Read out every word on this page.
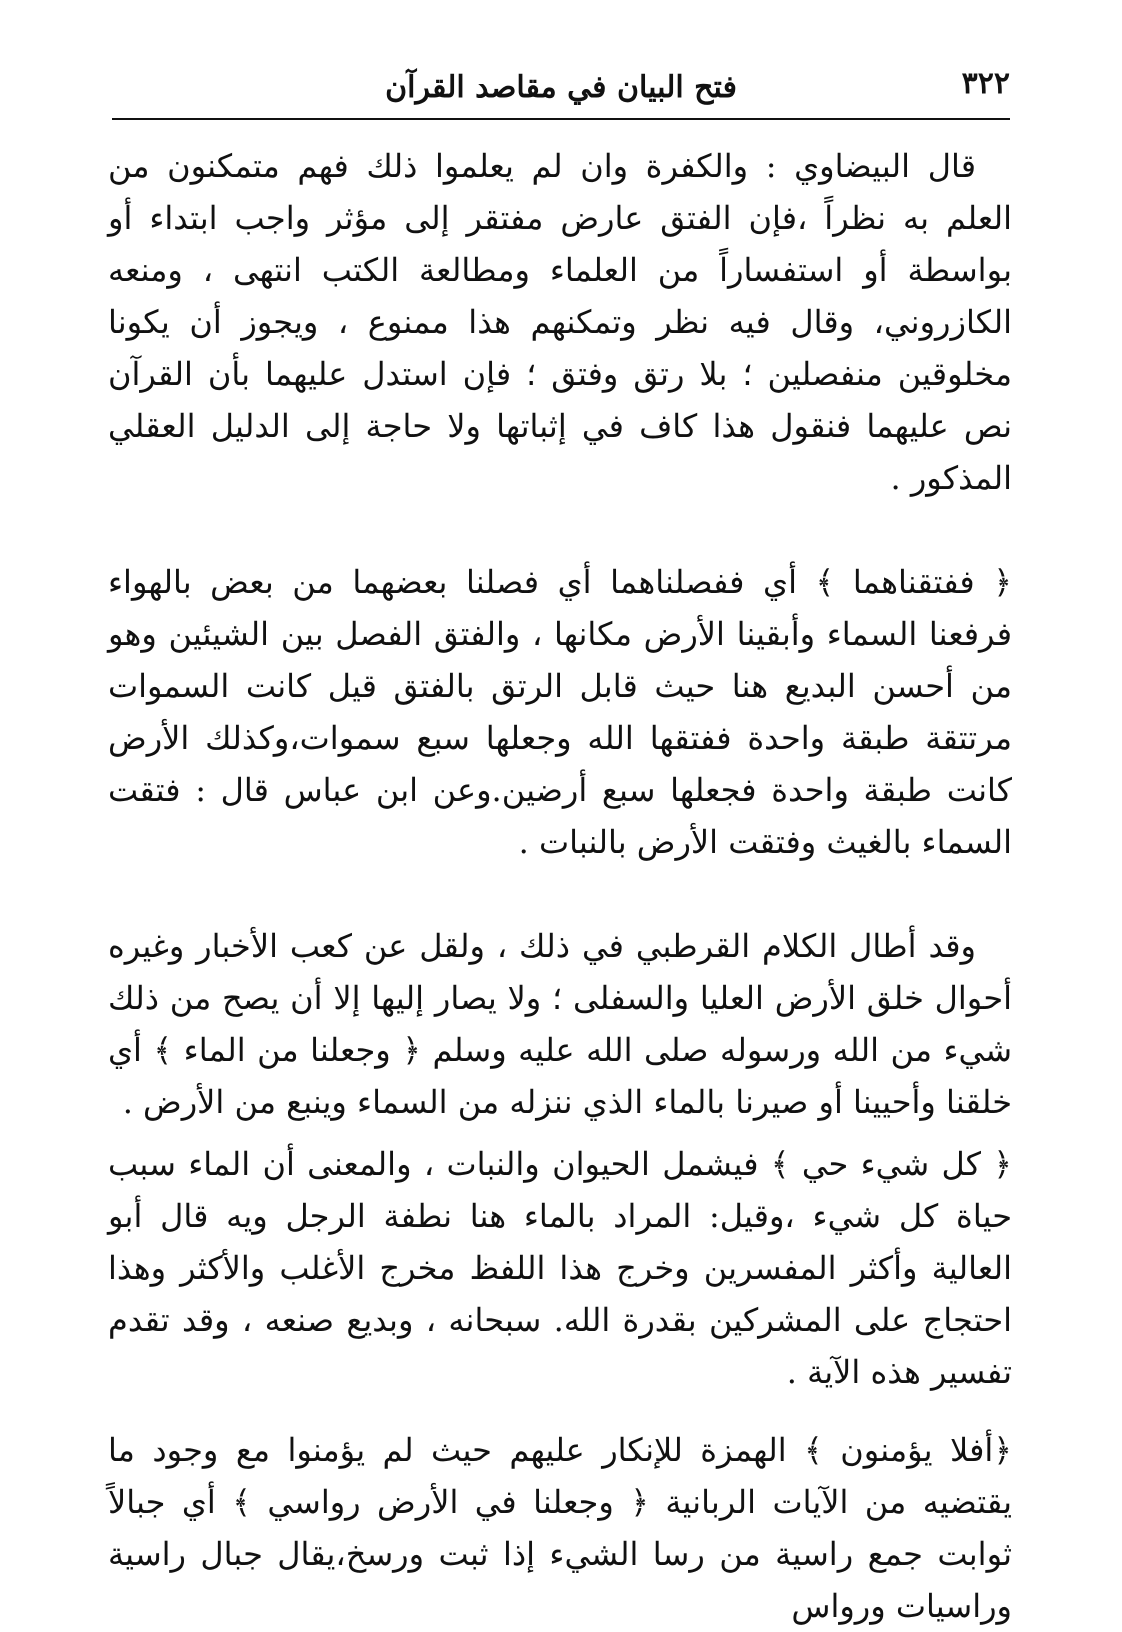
٣٢٢
فتح البيان في مقاصد القرآن

قال البيضاوي : والكفرة وان لم يعلموا ذلك فهم متمكنون من العلم به نظراً ،فإن الفتق عارض مفتقر إلى مؤثر واجب ابتداء أو بواسطة أو استفساراً من العلماء ومطالعة الكتب انتهى ، ومنعه الكازروني، وقال فيه نظر وتمكنهم هذا ممنوع ، ويجوز أن يكونا مخلوقين منفصلين ؛ بلا رتق وفتق ؛ فإن استدل عليهما بأن القرآن نص عليهما فنقول هذا كاف في إثباتها ولا حاجة إلى الدليل العقلي المذكور .

﴿ ففتقناهما ﴾ أي ففصلناهما أي فصلنا بعضهما من بعض بالهواء فرفعنا السماء وأبقينا الأرض مكانها ، والفتق الفصل بين الشيئين وهو من أحسن البديع هنا حيث قابل الرتق بالفتق قيل كانت السموات مرتتقة طبقة واحدة ففتقها الله وجعلها سبع سموات،وكذلك الأرض كانت طبقة واحدة فجعلها سبع أرضين.وعن ابن عباس قال : فتقت السماء بالغيث وفتقت الأرض بالنبات .

وقد أطال الكلام القرطبي في ذلك ، ولقل عن كعب الأخبار وغيره أحوال خلق الأرض العليا والسفلى ؛ ولا يصار إليها إلا أن يصح من ذلك شيء من الله ورسوله صلى الله عليه وسلم ﴿ وجعلنا من الماء ﴾ أي خلقنا وأحيينا أو صيرنا بالماء الذي ننزله من السماء وينبع من الأرض .

﴿ كل شيء حي ﴾ فيشمل الحيوان والنبات ، والمعنى أن الماء سبب حياة كل شيء ،وقيل: المراد بالماء هنا نطفة الرجل ويه قال أبو العالية وأكثر المفسرين وخرج هذا اللفظ مخرج الأغلب والأكثر وهذا احتجاج على المشركين بقدرة الله. سبحانه ، وبديع صنعه ، وقد تقدم تفسير هذه الآية .

﴿أفلا يؤمنون ﴾ الهمزة للإنكار عليهم حيث لم يؤمنوا مع وجود ما يقتضيه من الآيات الربانية ﴿ وجعلنا في الأرض رواسي ﴾ أي جبالاً ثوابت جمع راسية من رسا الشيء إذا ثبت ورسخ،يقال جبال راسية وراسيات ورواس
